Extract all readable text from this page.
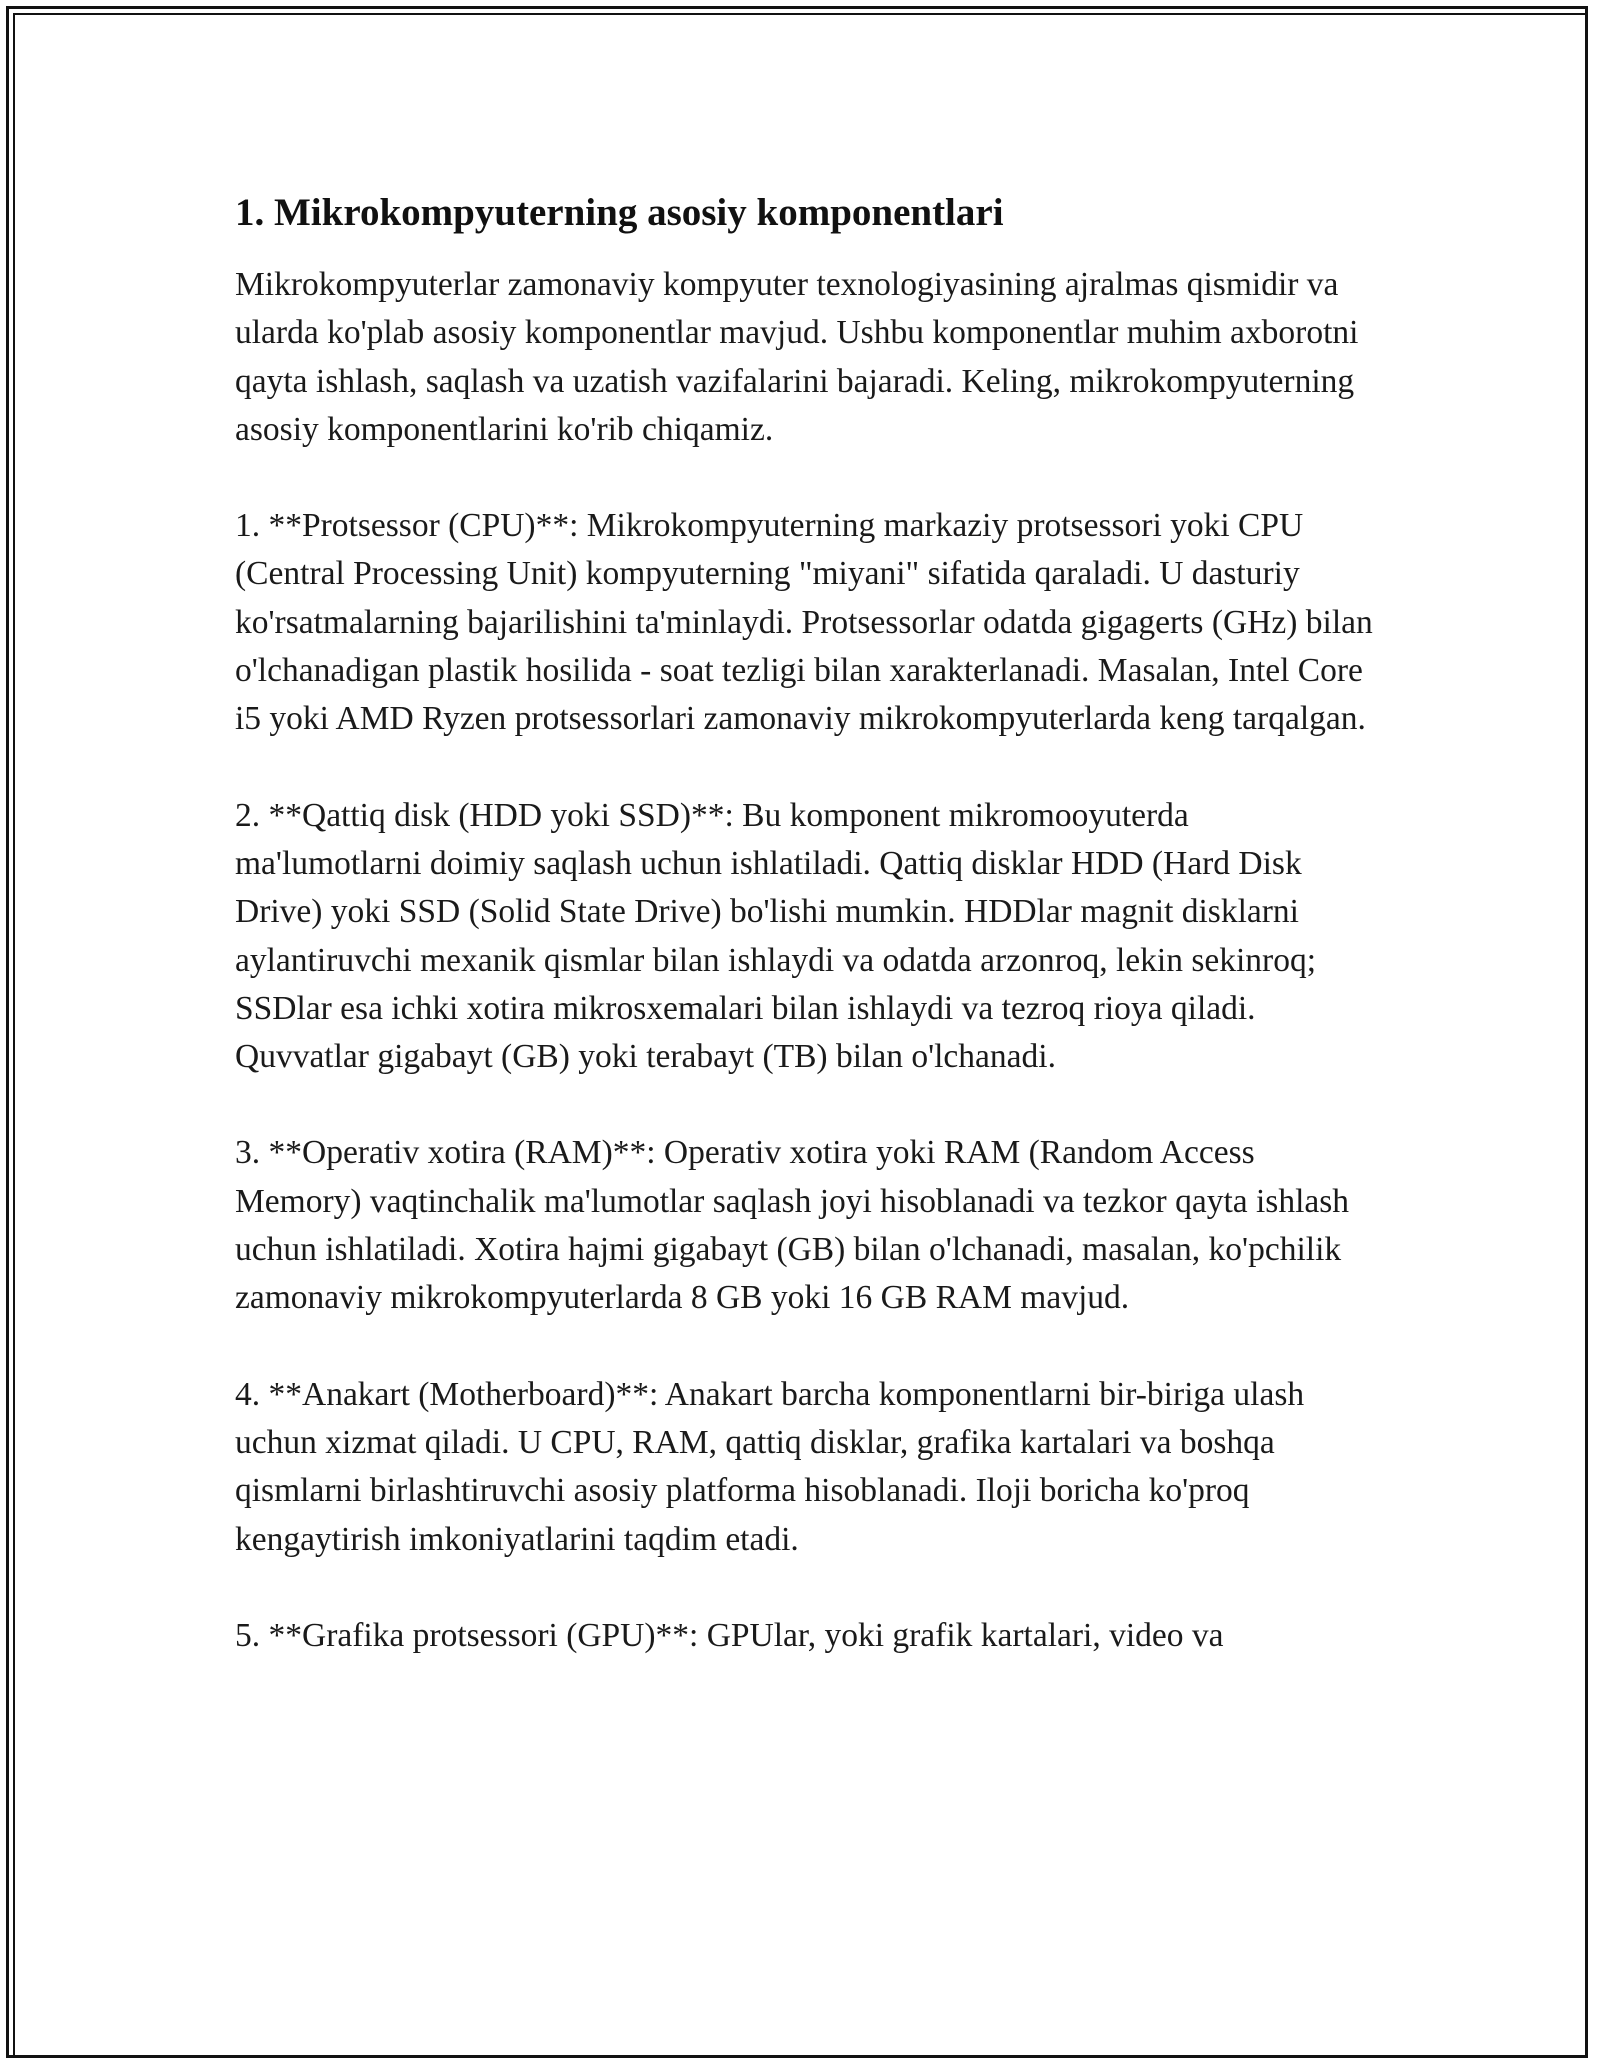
1. Mikrokompyuterning asosiy komponentlari

Mikrokompyuterlar zamonaviy kompyuter texnologiyasining ajralmas qismidir va ularda ko'plab asosiy komponentlar mavjud. Ushbu komponentlar muhim axborotni qayta ishlash, saqlash va uzatish vazifalarini bajaradi. Keling, mikrokompyuterning asosiy komponentlarini ko'rib chiqamiz.

1. **Protsessor (CPU)**: Mikrokompyuterning markaziy protsessori yoki CPU (Central Processing Unit) kompyuterning "miyani" sifatida qaraladi. U dasturiy ko'rsatmalarning bajarilishini ta'minlaydi. Protsessorlar odatda gigagerts (GHz) bilan o'lchanadigan plastik hosilida - soat tezligi bilan xarakterlanadi. Masalan, Intel Core i5 yoki AMD Ryzen protsessorlari zamonaviy mikrokompyuterlarda keng tarqalgan.

2. **Qattiq disk (HDD yoki SSD)**: Bu komponent mikromooyuterda ma'lumotlarni doimiy saqlash uchun ishlatiladi. Qattiq disklar HDD (Hard Disk Drive) yoki SSD (Solid State Drive) bo'lishi mumkin. HDDlar magnit disklarni aylantiruvchi mexanik qismlar bilan ishlaydi va odatda arzonroq, lekin sekinroq; SSDlar esa ichki xotira mikrosxemalari bilan ishlaydi va tezroq rioya qiladi. Quvvatlar gigabayt (GB) yoki terabayt (TB) bilan o'lchanadi.

3. **Operativ xotira (RAM)**: Operativ xotira yoki RAM (Random Access Memory) vaqtinchalik ma'lumotlar saqlash joyi hisoblanadi va tezkor qayta ishlash uchun ishlatiladi. Xotira hajmi gigabayt (GB) bilan o'lchanadi, masalan, ko'pchilik zamonaviy mikrokompyuterlarda 8 GB yoki 16 GB RAM mavjud.

4. **Anakart (Motherboard)**: Anakart barcha komponentlarni bir-biriga ulash uchun xizmat qiladi. U CPU, RAM, qattiq disklar, grafika kartalari va boshqa qismlarni birlashtiruvchi asosiy platforma hisoblanadi. Iloji boricha ko'proq kengaytirish imkoniyatlarini taqdim etadi.

5. **Grafika protsessori (GPU)**: GPUlar, yoki grafik kartalari, video va
